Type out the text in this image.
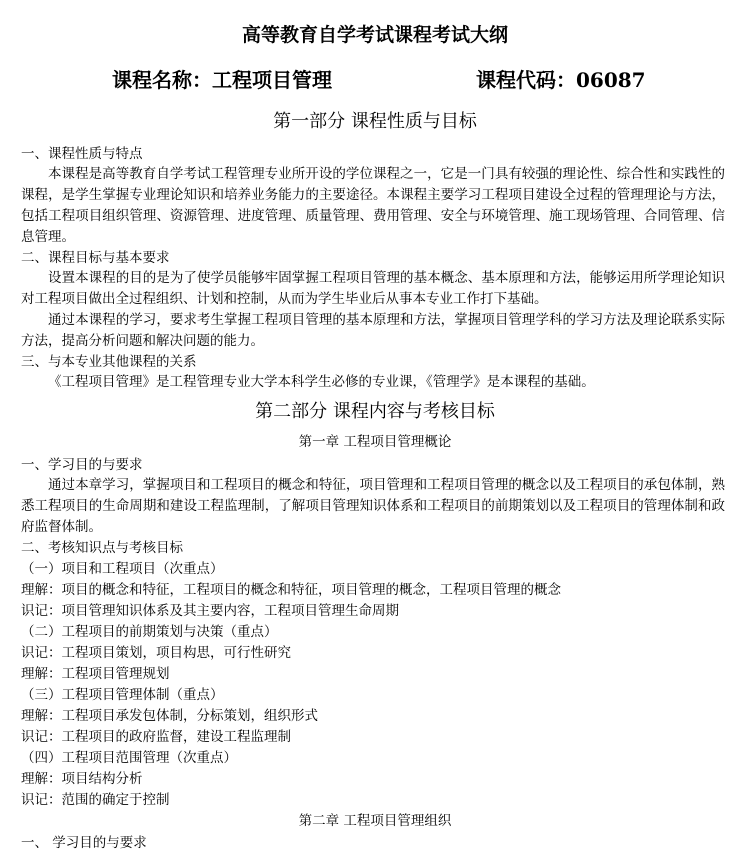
高等教育自学考试课程考试大纲
课程名称：工程项目管理	课程代码：06087
第一部分 课程性质与目标
一、课程性质与特点
本课程是高等教育自学考试工程管理专业所开设的学位课程之一，它是一门具有较强的理论性、综合性和实践性的课程，是学生掌握专业理论知识和培养业务能力的主要途径。本课程主要学习工程项目建设全过程的管理理论与方法，包括工程项目组织管理、资源管理、进度管理、质量管理、费用管理、安全与环境管理、施工现场管理、合同管理、信息管理。
二、课程目标与基本要求
设置本课程的目的是为了使学员能够牢固掌握工程项目管理的基本概念、基本原理和方法，能够运用所学理论知识对工程项目做出全过程组织、计划和控制，从而为学生毕业后从事本专业工作打下基础。
通过本课程的学习，要求考生掌握工程项目管理的基本原理和方法，掌握项目管理学科的学习方法及理论联系实际方法，提高分析问题和解决问题的能力。
三、与本专业其他课程的关系
《工程项目管理》是工程管理专业大学本科学生必修的专业课，《管理学》是本课程的基础。
第二部分 课程内容与考核目标
第一章 工程项目管理概论
一、学习目的与要求
通过本章学习，掌握项目和工程项目的概念和特征，项目管理和工程项目管理的概念以及工程项目的承包体制，熟悉工程项目的生命周期和建设工程监理制，了解项目管理知识体系和工程项目的前期策划以及工程项目的管理体制和政府监督体制。
二、考核知识点与考核目标
（一）项目和工程项目（次重点）
理解：项目的概念和特征，工程项目的概念和特征，项目管理的概念，工程项目管理的概念
识记：项目管理知识体系及其主要内容，工程项目管理生命周期
（二）工程项目的前期策划与决策（重点）
识记：工程项目策划，项目构思，可行性研究
理解：工程项目管理规划
（三）工程项目管理体制（重点）
理解：工程项目承发包体制，分标策划，组织形式
识记：工程项目的政府监督，建设工程监理制
（四）工程项目范围管理（次重点）
理解：项目结构分析
识记：范围的确定于控制
第二章 工程项目管理组织
一、 学习目的与要求
